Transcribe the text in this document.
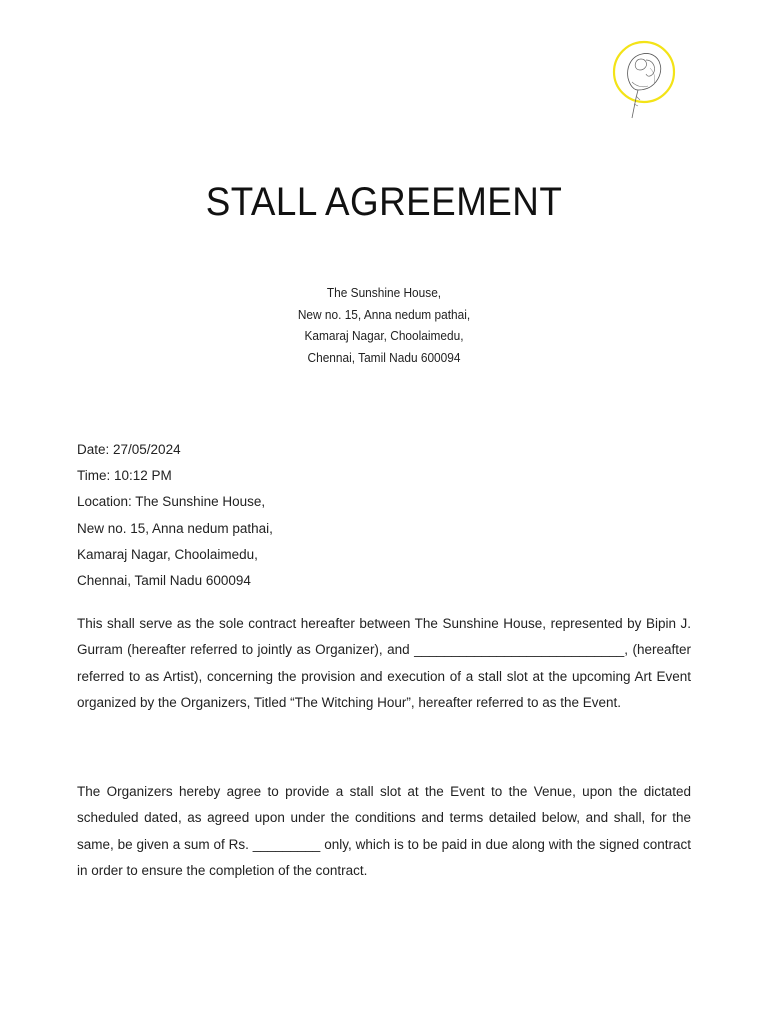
STALL AGREEMENT
The Sunshine House,
New no. 15, Anna nedum pathai,
Kamaraj Nagar, Choolaimedu,
Chennai, Tamil Nadu 600094
Date: 27/05/2024
Time: 10:12 PM
Location: The Sunshine House,
New no. 15, Anna nedum pathai,
Kamaraj Nagar, Choolaimedu,
Chennai, Tamil Nadu 600094

This shall serve as the sole contract hereafter between The Sunshine House, represented by Bipin J. Gurram (hereafter referred to jointly as Organizer), and ____________________________, (hereafter referred to as Artist), concerning the provision and execution of a stall slot at the upcoming Art Event organized by the Organizers, Titled “The Witching Hour”, hereafter referred to as the Event.

The Organizers hereby agree to provide a stall slot at the Event to the Venue, upon the dictated scheduled dated, as agreed upon under the conditions and terms detailed below, and shall, for the same, be given a sum of Rs. _________ only, which is to be paid in due along with the signed contract in order to ensure the completion of the contract.
